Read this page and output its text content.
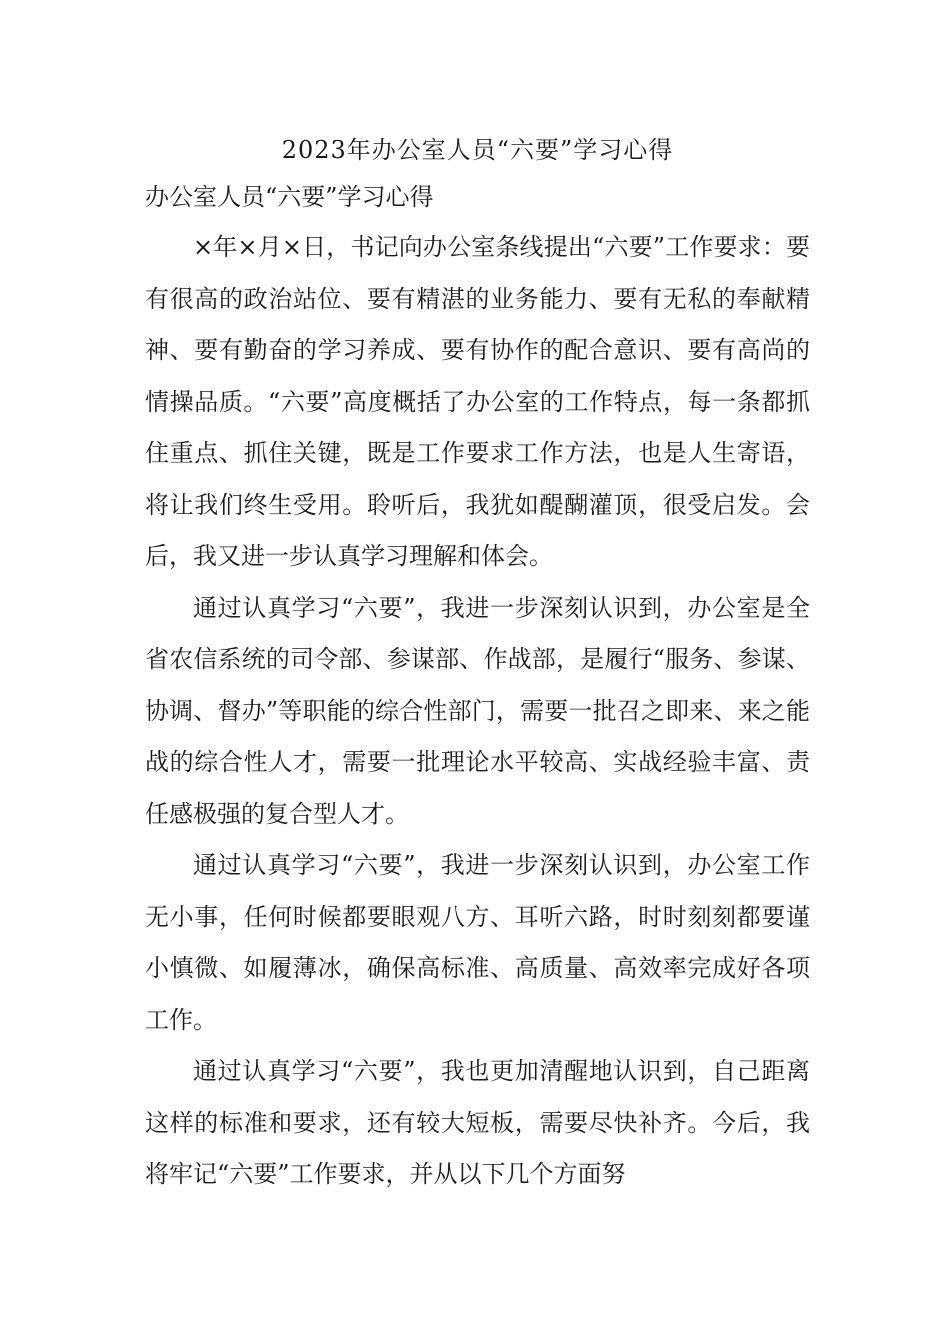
2023年办公室人员“六要”学习心得

办公室人员“六要”学习心得

×年×月×日，书记向办公室条线提出“六要”工作要求：要有很高的政治站位、要有精湛的业务能力、要有无私的奉献精神、要有勤奋的学习养成、要有协作的配合意识、要有高尚的情操品质。“六要”高度概括了办公室的工作特点，每一条都抓住重点、抓住关键，既是工作要求工作方法，也是人生寄语，将让我们终生受用。聆听后，我犹如醍醐灌顶，很受启发。会后，我又进一步认真学习理解和体会。

通过认真学习“六要”，我进一步深刻认识到，办公室是全省农信系统的司令部、参谋部、作战部，是履行“服务、参谋、协调、督办”等职能的综合性部门，需要一批召之即来、来之能战的综合性人才，需要一批理论水平较高、实战经验丰富、责任感极强的复合型人才。

通过认真学习“六要”，我进一步深刻认识到，办公室工作无小事，任何时候都要眼观八方、耳听六路，时时刻刻都要谨小慎微、如履薄冰，确保高标准、高质量、高效率完成好各项工作。

通过认真学习“六要”，我也更加清醒地认识到，自己距离这样的标准和要求，还有较大短板，需要尽快补齐。今后，我将牢记“六要”工作要求，并从以下几个方面努
